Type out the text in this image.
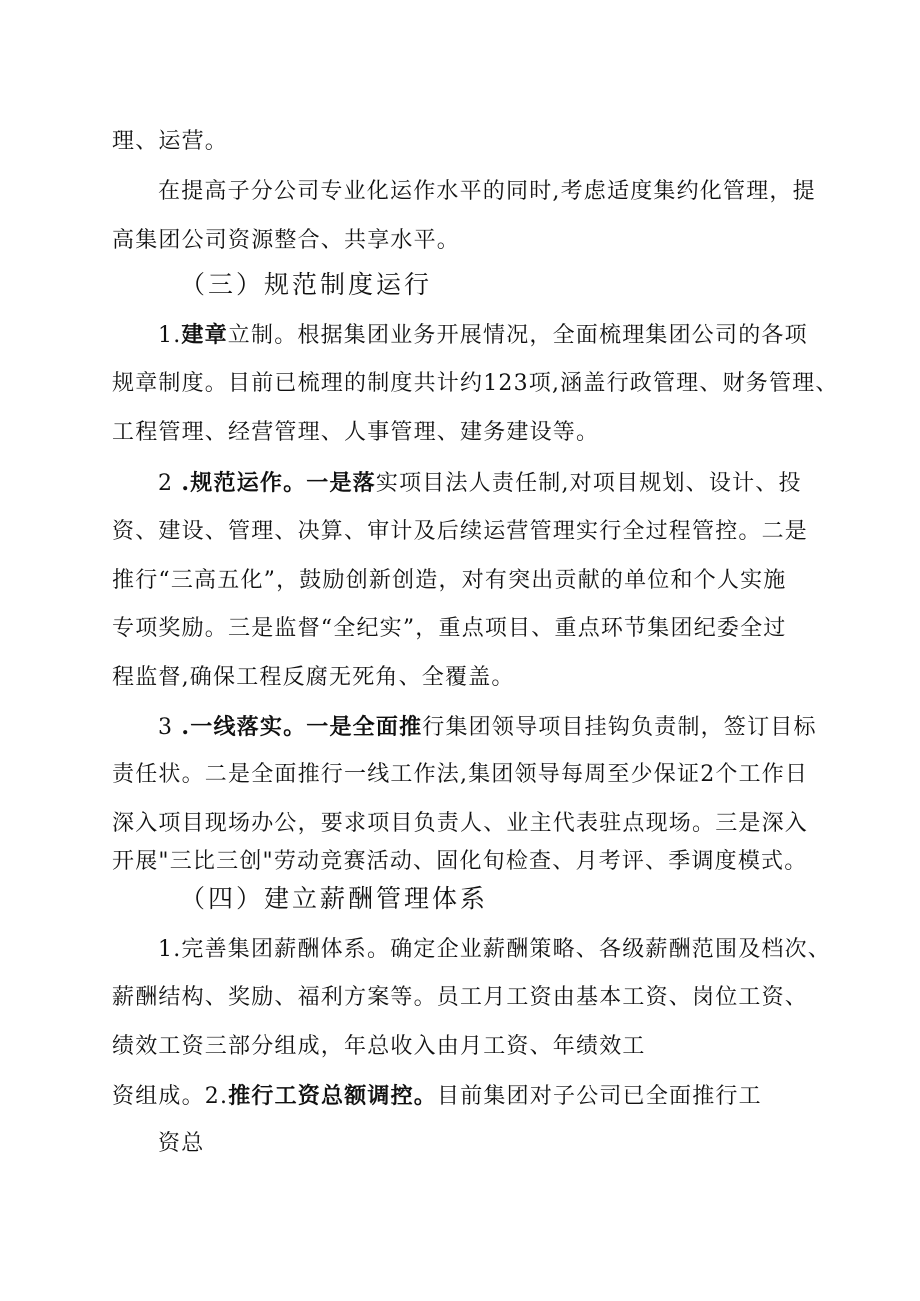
理、运营。
在提高子分公司专业化运作水平的同时,考虑适度集约化管理，提
高集团公司资源整合、共享水平。
（三）规范制度运行
1.建章立制。根据集团业务开展情况，全面梳理集团公司的各项
规章制度。目前已梳理的制度共计约123项,涵盖行政管理、财务管理、
工程管理、经营管理、人事管理、建务建设等。
2 .规范运作。一是落实项目法人责任制,对项目规划、设计、投
资、建设、管理、决算、审计及后续运营管理实行全过程管控。二是
推行“三高五化”，鼓励创新创造，对有突出贡献的单位和个人实施
专项奖励。三是监督“全纪实”，重点项目、重点环节集团纪委全过
程监督,确保工程反腐无死角、全覆盖。
3 .一线落实。一是全面推行集团领导项目挂钩负责制，签订目标
责任状。二是全面推行一线工作法,集团领导每周至少保证2个工作日
深入项目现场办公，要求项目负责人、业主代表驻点现场。三是深入
开展"三比三创"劳动竞赛活动、固化旬检查、月考评、季调度模式。
（四）建立薪酬管理体系
1.完善集团薪酬体系。确定企业薪酬策略、各级薪酬范围及档次、
薪酬结构、奖励、福利方案等。员工月工资由基本工资、岗位工资、
绩效工资三部分组成，年总收入由月工资、年绩效工
资组成。2.推行工资总额调控。目前集团对子公司已全面推行工
资总
